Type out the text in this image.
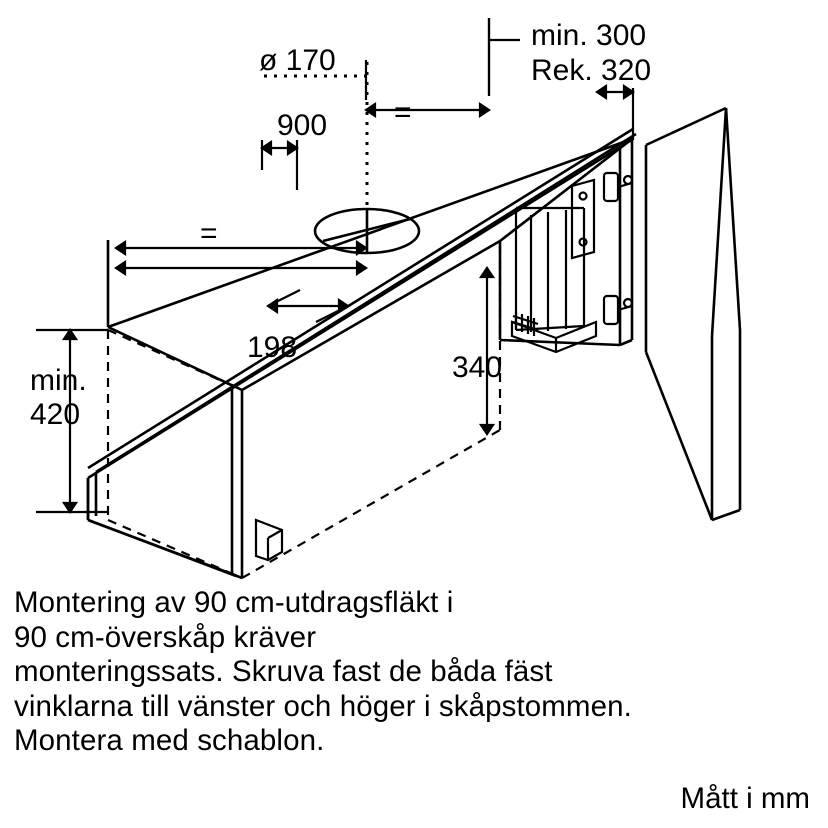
ø 170
min. 300
Rek. 320
900 =
=
198
340
min.
420
Montering av 90 cm-utdragsfläkt i
90 cm-överskåp kräver
monteringssats. Skruva fast de båda fäst
vinklarna till vänster och höger i skåpstommen.
Montera med schablon.
Mått i mm
